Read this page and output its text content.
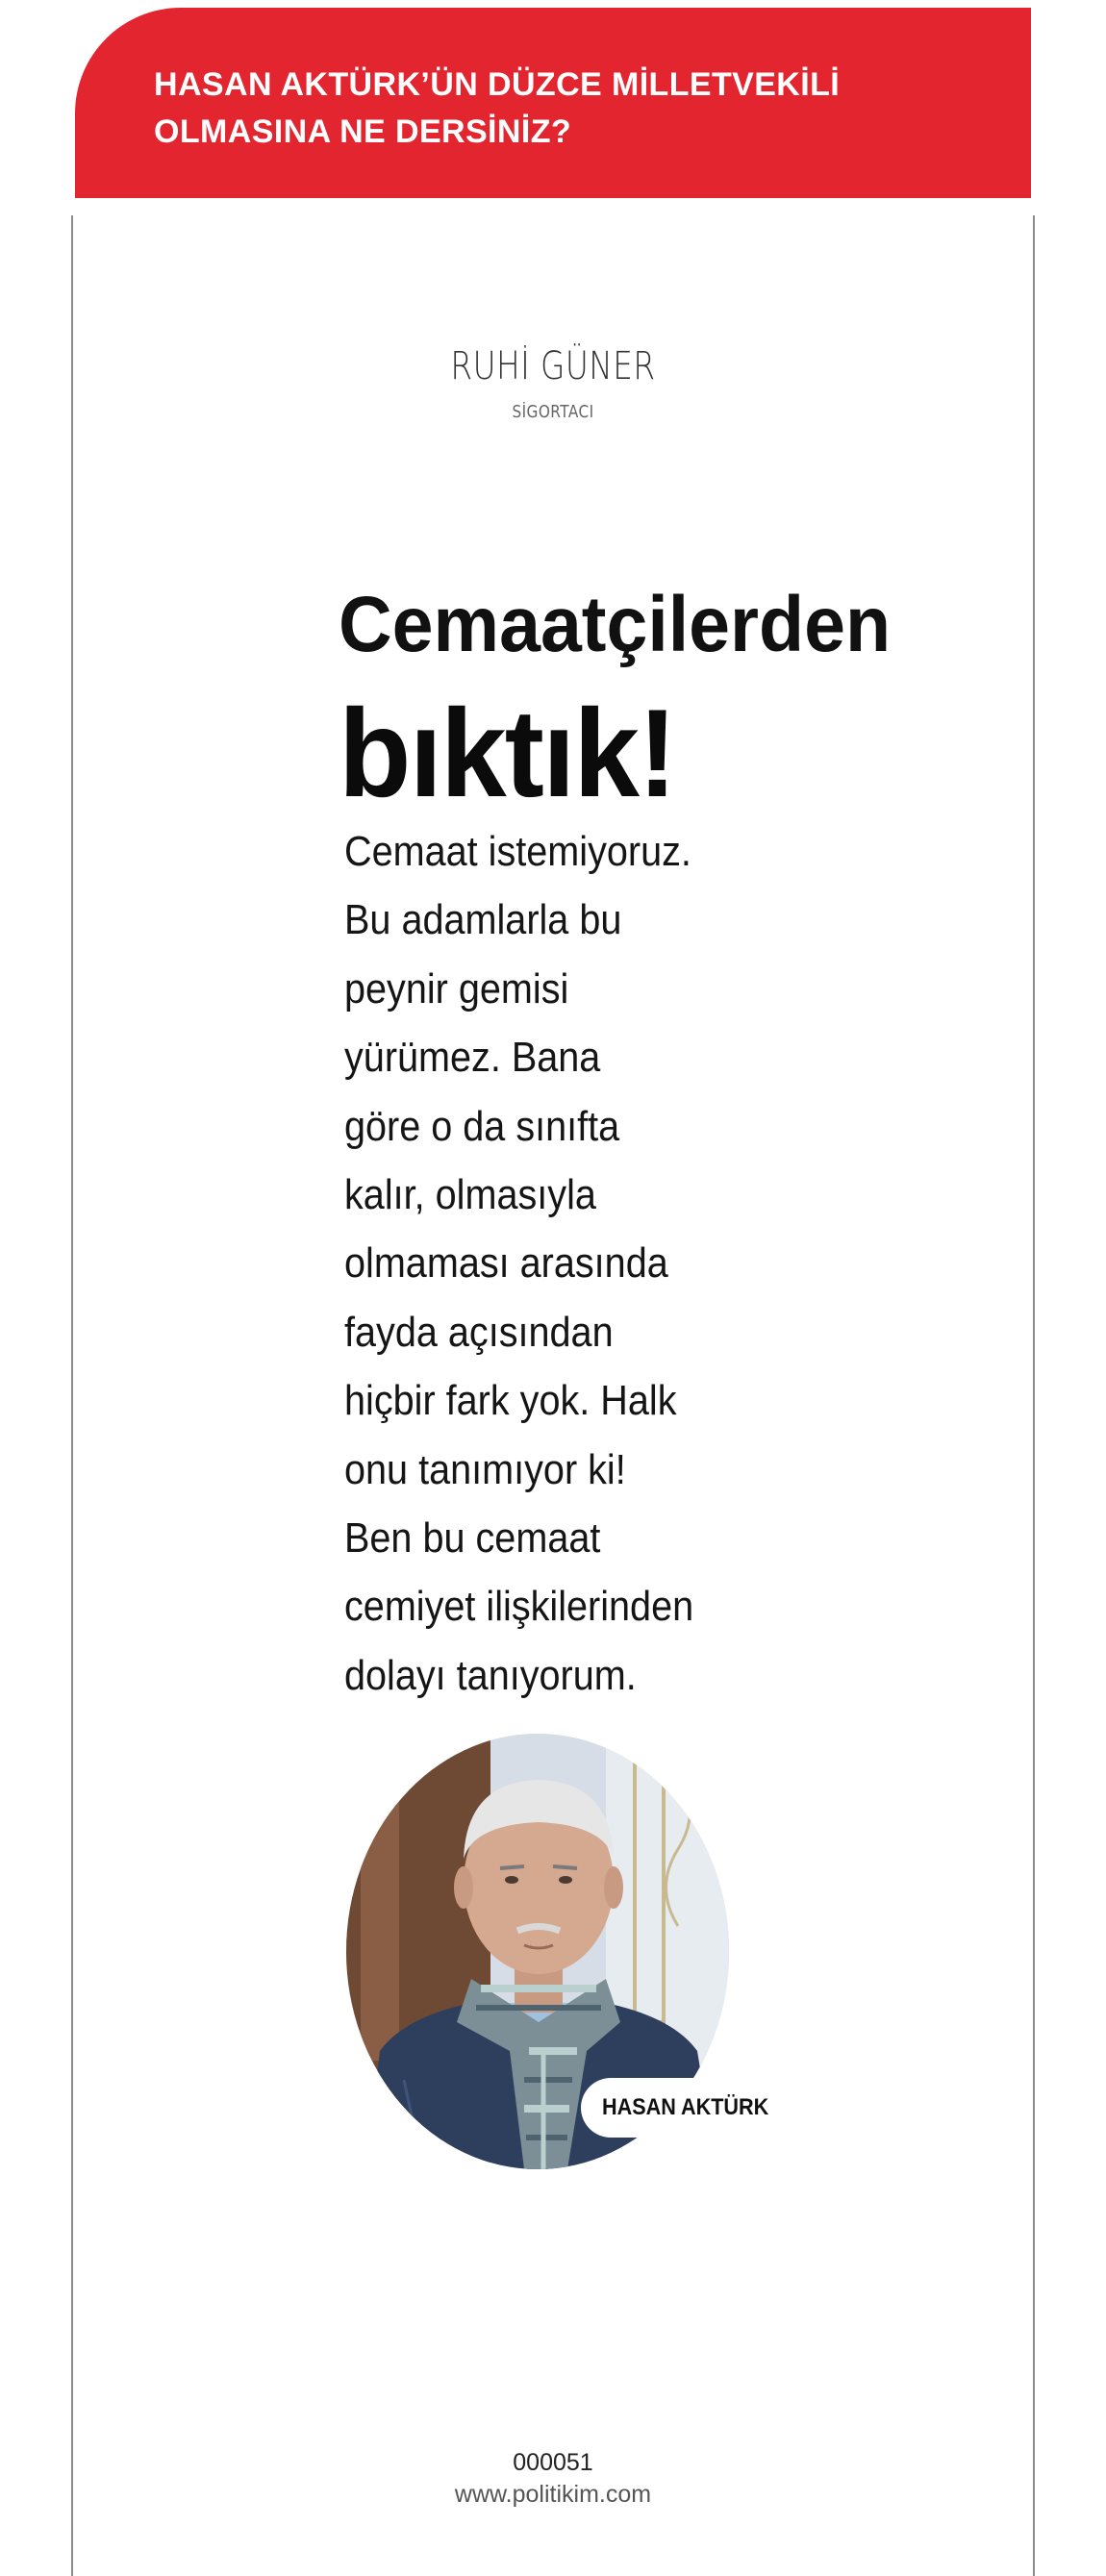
HASAN AKTÜRK’ÜN DÜZCE MİLLETVEKİLİ
OLMASINA NE DERSİNİZ?

RUHİ GÜNER
SİGORTACI
Cemaatçilerden
bıktık!
Cemaat istemiyoruz.
Bu adamlarla bu
peynir gemisi
yürümez. Bana
göre o da sınıfta
kalır, olmasıyla
olmaması arasında
fayda açısından
hiçbir fark yok. Halk
onu tanımıyor ki!
Ben bu cemaat
cemiyet ilişkilerinden
dolayı tanıyorum.
HASAN AKTÜRK
000051
www.politikim.com
